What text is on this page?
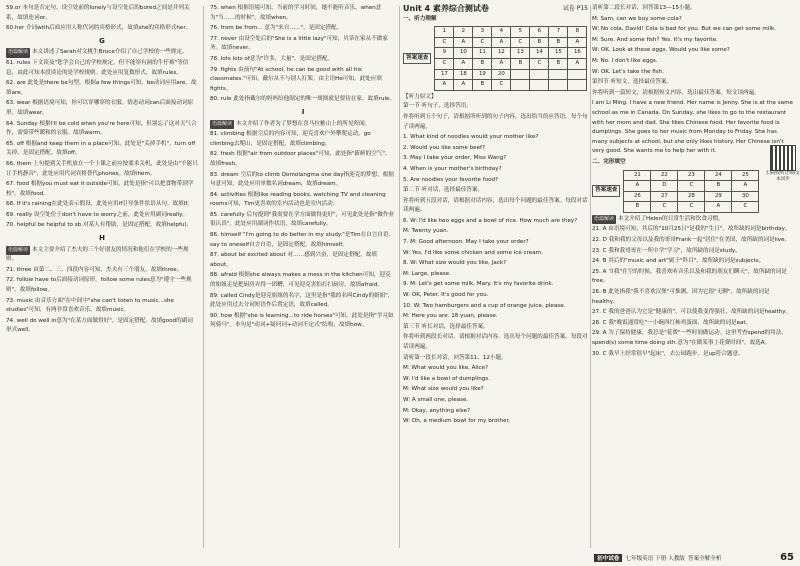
59.or 本句是否定句，设空处前的lonely与设空处后的bored之间是并列关系，故填连词or。

60.her 介词with后面应用人称代词的宾格形式，故填she的宾格形式her。

G

语篇解读 本文讲述了Sarah对文桃生Bruce介绍了自己学校的一些规定。

61. rules 下文谈及"您学会自己的学校规定，但不能穿有洞的牛仔裤"等信息，由此可知本段谈论的是学校规则。此处应用复数形式，故填rules。

62. are 此处是there be句型，根据a few things可知，be动词应用are。故填are。

63. wear 根据语境可知，你可以穿哪穿的衣服。情态动词can后面接动词原形。故填wear。

64. Sunday 根据I'll be cold when you're here可知，但别忘了这对天气合作，需要带些暖和的衣服。故填warm。

65. off 根据and keep them in a place可知，此处是"关掉手机"，turn off关掉，是固定搭配。故填off。

66. them 上句提到关手机放在一个上课之前应按要求关机，此处是由"不能只让手机静音"，此处应用代词宾格替代phones。故填them。

67. food 根据you must eat it outside可知，此处是指"可以把食物带到学校"。故填food。

68. If it's raining在此处表示假设，此处应用if引导条件状语从句。故填If。

69. really 设空处位于don't have to worry之前，此处应用副词really。

70. helpful be helpful to sb.对某人有帮助，是固定搭配。故填helpful。

H

语篇解读 本文主要介绍了杰夫的三个好朋友的情况和他们在学校的一些规则。

71. three 由第二、三、四段内容可知，杰夫有三个朋友，故填three。

72. follow have to后面接动词原形。follow some rules意为"遵守一些规则"。故填follow。

73. music 由音乐方面"在中间中"she can't listen to music...she studies"可知，有两非常喜欢音乐。故填music。

74. well do well in意为"在某方面做得好"，是固定搭配。故填good的副词形式well。

75. when 根据语境可知，当前的学习时间，她不能听音乐，when意为"当……的时候"。故填when。

76. from be from... 意为"来自……"，是固定搭配。

77. never 由设空处后的"She is a little lazy"可知，贝蒂在家从不做家务。故填never。

78. lots lots of意为"许多，大量"，是固定搭配。

79. fights 由前句"At school, he can be good with all his classmates."可知，戴尔从不与别人打架。由主语He可知，此处应填fights。

80. rule 此处指戴尔的妈妈给他制定的唯一规则就是要待在家。故填rule。

I

语篇解读 本文介绍了作者为了梦想在喜马拉雅山上的所见所闻。

81. climbing 根据空后的内容可知，迎克喜欢户外攀爬运动。go climbing去爬山，是固定搭配，故填climbing。

82. fresh 根据"air from outdoor places"可知，此处指"新鲜的空气"，故填fresh。

83. dream 空后的to climb Qomolangma one day指迎克的梦想。根据句意可知，此处应用单数名词dream，故填dream。

84. activities 根据like reading books, watching TV and cleaning rooms可知，Tim更喜欢的室内活动也是室内活动。

85. carefully 后句提到"我需要在学方面做得更好"，可见此处是指"做作业很认真"。此处应用副词作状语，故填carefully。

86. himself "I'm going to do better in my study."是Tim在自言自语。say to oneself自言自语，是固定搭配，故填himself。

87. about be excited about 对……感到兴奋，是固定搭配，故填about。

88. afraid 根据she always makes a mess in the kitchen可知，迎克的姐姐走是把厨房弄得一团糟，可见迎克害怕打扫厨房。故填afraid。

89. called Cindy是迎克姐姐的名字，这里是指"我的名叫Cindy的姐姐"，此处应用过去分词短语作后置定语，故填called。

90. how 根据"she is learning...to ride horses"可知，此处是指"学习如何骑马"。本句是"动词+疑问词+动词不定式"结构，故填how。

Unit 4 素养综合测试卷	试卷 P15
一、听力理解
答案速查
1	2	3	4	5	6	7	8
C	A	C	A	C	B	B	A
9	10	11	12	13	14	15	16
C	A	B	A	B	C	B	A
17	18	19	20				
A	A	B	C				
【听力原文】

第一节 听句子，选择答语。

你将听到五个句子，请根据所听到的句子内容，选出恰当的应答语。每个句子读两遍。

1. What kind of noodles would your mother like?

2. Would you like some beef?

3. May I take your order, Miss Wang?

4. When is your mother's birthday?

5. Are noodles your favorite food?

第二节 听对话，选择最佳答案。

你将听到五段对话，请根据对话内容，选出每个问题的最佳答案。每段对话读两遍。

6. W: I'd like two eggs and a bowl of rice. How much are they?

M: Twenty yuan.

7. M: Good afternoon. May I take your order?

W: Yes, I'd like some chicken and some ice cream.

8. W: What size would you like, Jack?

M: Large, please.

9. M: Let's get some milk, Mary. It's my favorite drink.

W: OK, Peter. It's good for you.

10. W: Two hamburgers and a cup of orange juice, please.

M: Here you are. 18 yuan, please.

第三节 听长对话，选择最佳答案。

你将听到两段长对话，请根据对话内容，选出每个问题的最佳答案。每段对话读两遍。

请听第一段长对话，回答第11、12小题。

M: What would you like, Alice?

W: I'd like a bowl of dumplings.

M: What size would you like?

W: A small one, please.

M: Okay, anything else?

W: Oh, a medium bowl for my brother.

扫码收听音频/文本同步

请听第二段长对话，回答第13—15小题。

M: Sam, can we buy some cola?

W: No cola, David! Cola is bad for you. But we can get some milk.

M: Sure. And some fish? Yes. It's my favorite.

W: OK. Look at these eggs. Would you like some?

M: No. I don't like eggs.

W: OK. Let's take the fish.

第四节 听短文，选择最佳答案。

你将听到一篇短文，请根据短文内容，选出最佳答案。短文读两遍。

I am Li Ming. I have a new friend. Her name is Jenny. She is at the same school as me in Canada. On Sunday, she likes to go to the restaurant with her mom and dad. She likes Chinese food. Her favorite food is dumplings. She goes to her music from Monday to Friday. She has many subjects at school, but she only likes history. Her Chinese isn't very good. She wants me to help her with it.

二、完形填空
答案速查
21	22	23	24	25
A	D	C	B	A
26	27	28	29	30
B	C	C	A	C

语篇解读 本文介绍了Helen的日常生活和饮食习惯。

21. A 由语境可知，其后的"10月25日"是我的"生日"，故所缺的词是birthday。

22. D 我和我的父母以及我的哥哥Frank一起"居住"在美国，故所缺的词是live。

23. C 我和我哥哥在一所中学"学习"，故所缺的词是study。

24. B 其后的"music and art"属于"科目"，故所缺的词是subjects。

25. A 当我"在空的时候，我喜欢听音乐以及和我的朋友们聊天"，故所缺的词是free。

26. B 此处指我"我不喜欢汉堡"可推测，因为它很"无聊"，故所缺的词是healthy。

27. C 我的爸爸认为它是"健康的"，可以使我变得强壮，故所缺的词是healthy。

28. C 我"晚饭通常吃"一小碗西红柿鸡蛋面，故所缺的词是eat。

29. A 为了保持健康，我总是"花费"一些时间做运动。这里考查spend的用法，spend(s) some time doing sth.意为"在做某事上花费时间"。故选A。

30. C 我早上经常很早"起床"，去公园跑步，是up符合题意。

初中试卷	七年级英语 下册 人教版 答案全解全析	65
